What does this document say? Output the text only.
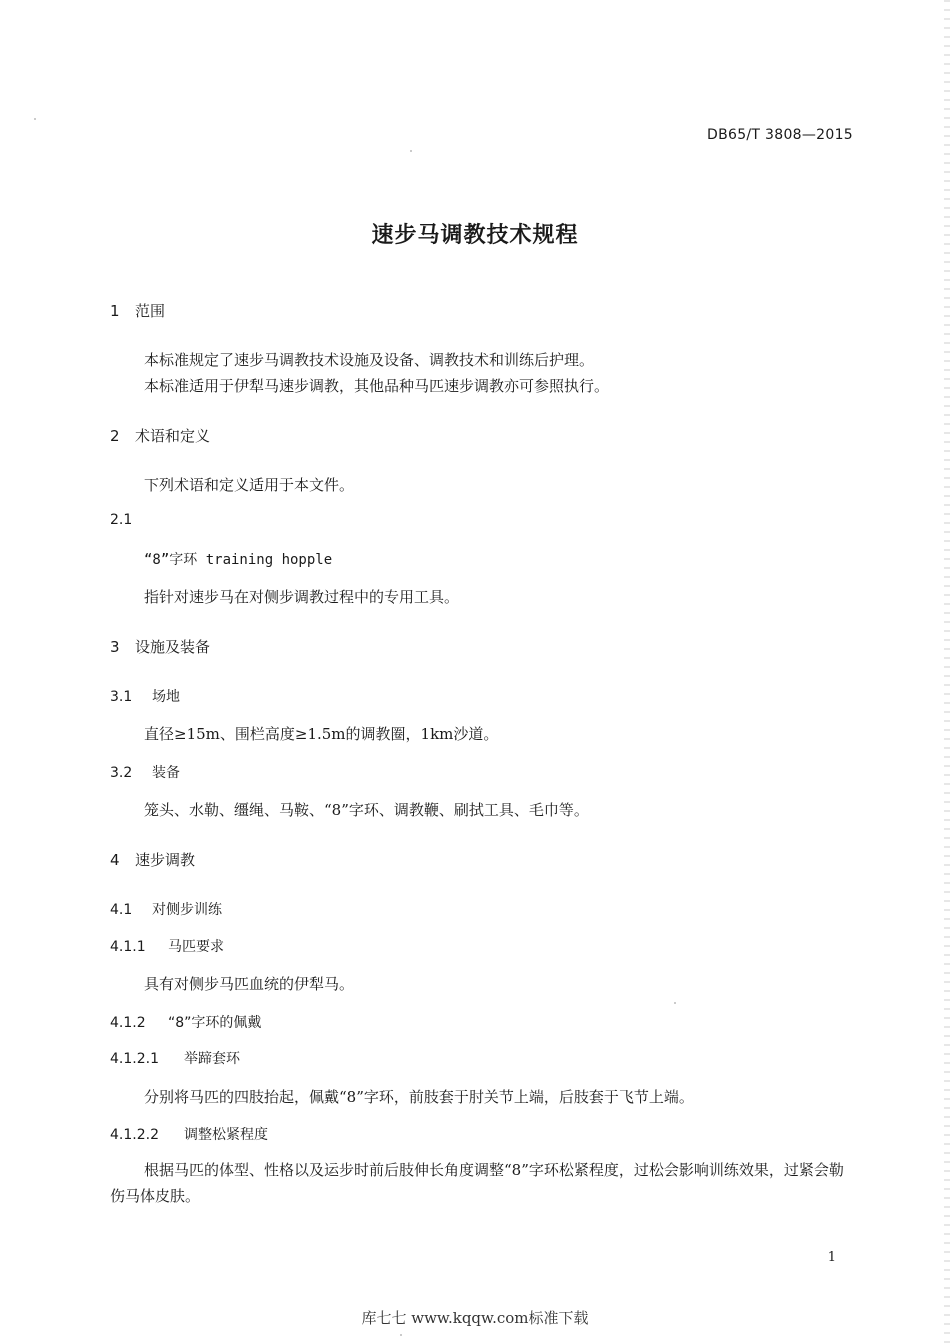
DB65/T 3808—2015
速步马调教技术规程
1 范围
本标准规定了速步马调教技术设施及设备、调教技术和训练后护理。
本标准适用于伊犁马速步调教，其他品种马匹速步调教亦可参照执行。
2 术语和定义
下列术语和定义适用于本文件。
2.1
“8”字环 training hopple
指针对速步马在对侧步调教过程中的专用工具。
3 设施及装备
3.1 场地
直径≥15m、围栏高度≥1.5m的调教圈，1km沙道。
3.2 装备
笼头、水勒、缰绳、马鞍、“8”字环、调教鞭、刷拭工具、毛巾等。
4 速步调教
4.1 对侧步训练
4.1.1 马匹要求
具有对侧步马匹血统的伊犁马。
4.1.2 “8”字环的佩戴
4.1.2.1 举蹄套环
分别将马匹的四肢抬起，佩戴“8”字环，前肢套于肘关节上端，后肢套于飞节上端。
4.1.2.2 调整松紧程度
根据马匹的体型、性格以及运步时前后肢伸长角度调整“8”字环松紧程度，过松会影响训练效果，过紧会勒伤马体皮肤。
1
库七七 www.kqqw.com标准下载
